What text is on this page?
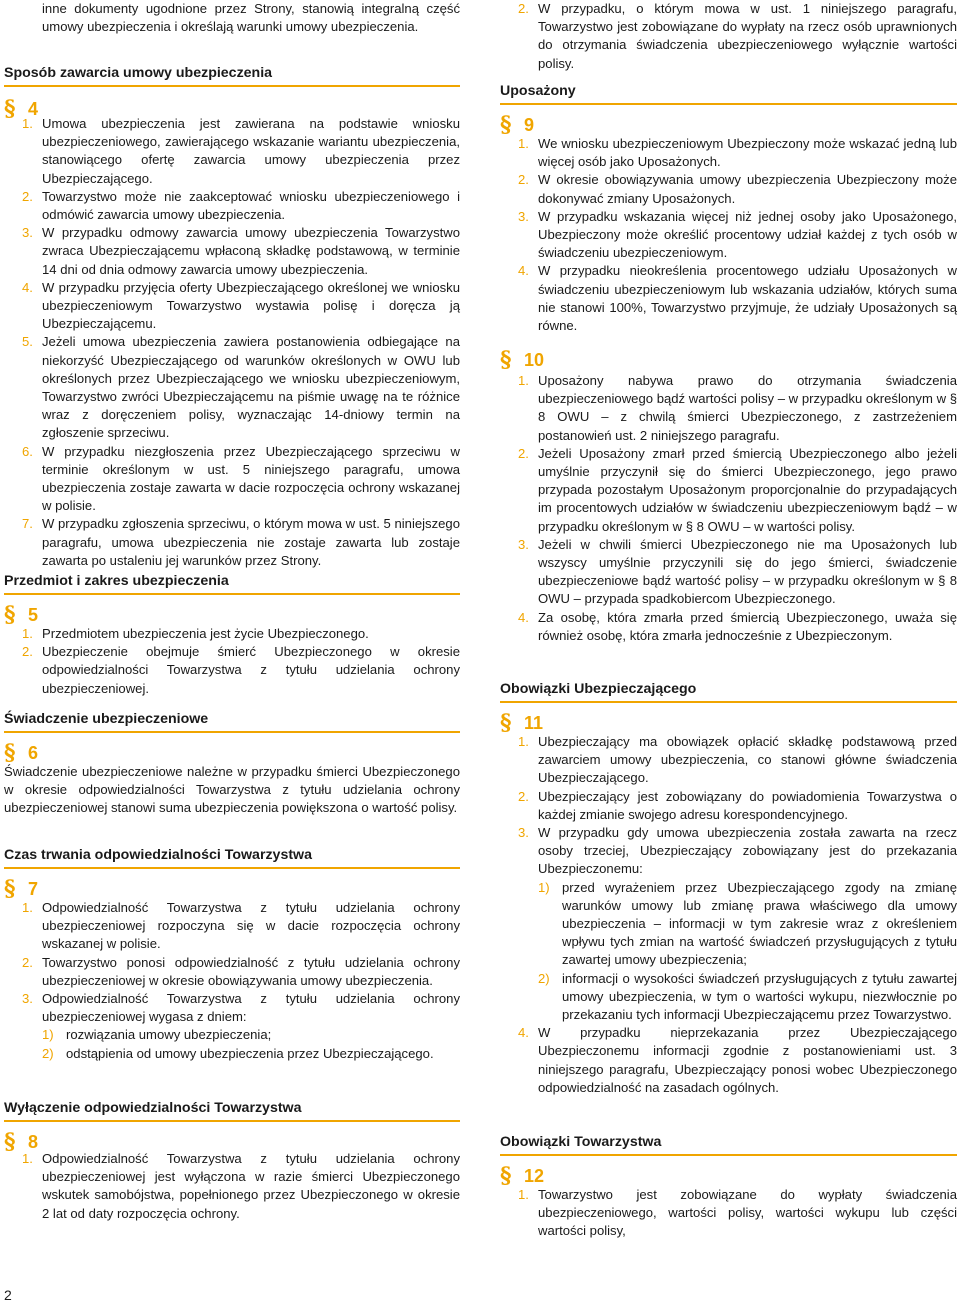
inne dokumenty ugodnione przez Strony, stanowią integralną część umowy ubezpieczenia i określają warunki umowy ubezpieczenia.

Sposób zawarcia umowy ubezpieczenia
§ 4
1. Umowa ubezpieczenia jest zawierana na podstawie wniosku ubezpieczeniowego, zawierającego wskazanie wariantu ubezpieczenia, stanowiącego ofertę zawarcia umowy ubezpieczenia przez Ubezpieczającego.
2. Towarzystwo może nie zaakceptować wniosku ubezpieczeniowego i odmówić zawarcia umowy ubezpieczenia.
3. W przypadku odmowy zawarcia umowy ubezpieczenia Towarzystwo zwraca Ubezpieczającemu wpłaconą składkę podstawową, w terminie 14 dni od dnia odmowy zawarcia umowy ubezpieczenia.
4. W przypadku przyjęcia oferty Ubezpieczającego określonej we wniosku ubezpieczeniowym Towarzystwo wystawia polisę i doręcza ją Ubezpieczającemu.
5. Jeżeli umowa ubezpieczenia zawiera postanowienia odbiegające na niekorzyść Ubezpieczającego od warunków określonych w OWU lub określonych przez Ubezpieczającego we wniosku ubezpieczeniowym, Towarzystwo zwróci Ubezpieczającemu na piśmie uwagę na te różnice wraz z doręczeniem polisy, wyznaczając 14-dniowy termin na zgłoszenie sprzeciwu.
6. W przypadku niezgłoszenia przez Ubezpieczającego sprzeciwu w terminie określonym w ust. 5 niniejszego paragrafu, umowa ubezpieczenia zostaje zawarta w dacie rozpoczęcia ochrony wskazanej w polisie.
7. W przypadku zgłoszenia sprzeciwu, o którym mowa w ust. 5 niniejszego paragrafu, umowa ubezpieczenia nie zostaje zawarta lub zostaje zawarta po ustaleniu jej warunków przez Strony.
Przedmiot i zakres ubezpieczenia
§ 5
1. Przedmiotem ubezpieczenia jest życie Ubezpieczonego.
2. Ubezpieczenie obejmuje śmierć Ubezpieczonego w okresie odpowiedzialności Towarzystwa z tytułu udzielania ochrony ubezpieczeniowej.
Świadczenie ubezpieczeniowe
§ 6

Świadczenie ubezpieczeniowe należne w przypadku śmierci Ubezpieczonego w okresie odpowiedzialności Towarzystwa z tytułu udzielania ochrony ubezpieczeniowej stanowi suma ubezpieczenia powiększona o wartość polisy.

Czas trwania odpowiedzialności Towarzystwa
§ 7
1. Odpowiedzialność Towarzystwa z tytułu udzielania ochrony ubezpieczeniowej rozpoczyna się w dacie rozpoczęcia ochrony wskazanej w polisie.
2. Towarzystwo ponosi odpowiedzialność z tytułu udzielania ochrony ubezpieczeniowej w okresie obowiązywania umowy ubezpieczenia.
3. Odpowiedzialność Towarzystwa z tytułu udzielania ochrony ubezpieczeniowej wygasa z dniem:
1) rozwiązania umowy ubezpieczenia;
2) odstąpienia od umowy ubezpieczenia przez Ubezpieczającego.
Wyłączenie odpowiedzialności Towarzystwa
§ 8
1. Odpowiedzialność Towarzystwa z tytułu udzielania ochrony ubezpieczeniowej jest wyłączona w razie śmierci Ubezpieczonego wskutek samobójstwa, popełnionego przez Ubezpieczonego w okresie 2 lat od daty rozpoczęcia ochrony.
2. W przypadku, o którym mowa w ust. 1 niniejszego paragrafu, Towarzystwo jest zobowiązane do wypłaty na rzecz osób uprawnionych do otrzymania świadczenia ubezpieczeniowego wyłącznie wartości polisy.
Uposażony
§ 9
1. We wniosku ubezpieczeniowym Ubezpieczony może wskazać jedną lub więcej osób jako Uposażonych.
2. W okresie obowiązywania umowy ubezpieczenia Ubezpieczony może dokonywać zmiany Uposażonych.
3. W przypadku wskazania więcej niż jednej osoby jako Uposażonego, Ubezpieczony może określić procentowy udział każdej z tych osób w świadczeniu ubezpieczeniowym.
4. W przypadku nieokreślenia procentowego udziału Uposażonych w świadczeniu ubezpieczeniowym lub wskazania udziałów, których suma nie stanowi 100%, Towarzystwo przyjmuje, że udziały Uposażonych są równe.
§ 10
1. Uposażony nabywa prawo do otrzymania świadczenia ubezpieczeniowego bądź wartości polisy – w przypadku określonym w § 8 OWU – z chwilą śmierci Ubezpieczonego, z zastrzeżeniem postanowień ust. 2 niniejszego paragrafu.
2. Jeżeli Uposażony zmarł przed śmiercią Ubezpieczonego albo jeżeli umyślnie przyczynił się do śmierci Ubezpieczonego, jego prawo przypada pozostałym Uposażonym proporcjonalnie do przypadających im procentowych udziałów w świadczeniu ubezpieczeniowym bądź – w przypadku określonym w § 8 OWU – w wartości polisy.
3. Jeżeli w chwili śmierci Ubezpieczonego nie ma Uposażonych lub wszyscy umyślnie przyczynili się do jego śmierci, świadczenie ubezpieczeniowe bądź wartość polisy – w przypadku określonym w § 8 OWU – przypada spadkobiercom Ubezpieczonego.
4. Za osobę, która zmarła przed śmiercią Ubezpieczonego, uważa się również osobę, która zmarła jednocześnie z Ubezpieczonym.
Obowiązki Ubezpieczającego
§ 11
1. Ubezpieczający ma obowiązek opłacić składkę podstawową przed zawarciem umowy ubezpieczenia, co stanowi główne świadczenia Ubezpieczającego.
2. Ubezpieczający jest zobowiązany do powiadomienia Towarzystwa o każdej zmianie swojego adresu korespondencyjnego.
3. W przypadku gdy umowa ubezpieczenia została zawarta na rzecz osoby trzeciej, Ubezpieczający zobowiązany jest do przekazania Ubezpieczonemu:
1) przed wyrażeniem przez Ubezpieczającego zgody na zmianę warunków umowy lub zmianę prawa właściwego dla umowy ubezpieczenia – informacji w tym zakresie wraz z określeniem wpływu tych zmian na wartość świadczeń przysługujących z tytułu zawartej umowy ubezpieczenia;
2) informacji o wysokości świadczeń przysługujących z tytułu zawartej umowy ubezpieczenia, w tym o wartości wykupu, niezwłocznie po przekazaniu tych informacji Ubezpieczającemu przez Towarzystwo.
4. W przypadku nieprzekazania przez Ubezpieczającego Ubezpieczonemu informacji zgodnie z postanowieniami ust. 3 niniejszego paragrafu, Ubezpieczający ponosi wobec Ubezpieczonego odpowiedzialność na zasadach ogólnych.
Obowiązki Towarzystwa
§ 12
1. Towarzystwo jest zobowiązane do wypłaty świadczenia ubezpieczeniowego, wartości polisy, wartości wykupu lub części wartości polisy,
2
